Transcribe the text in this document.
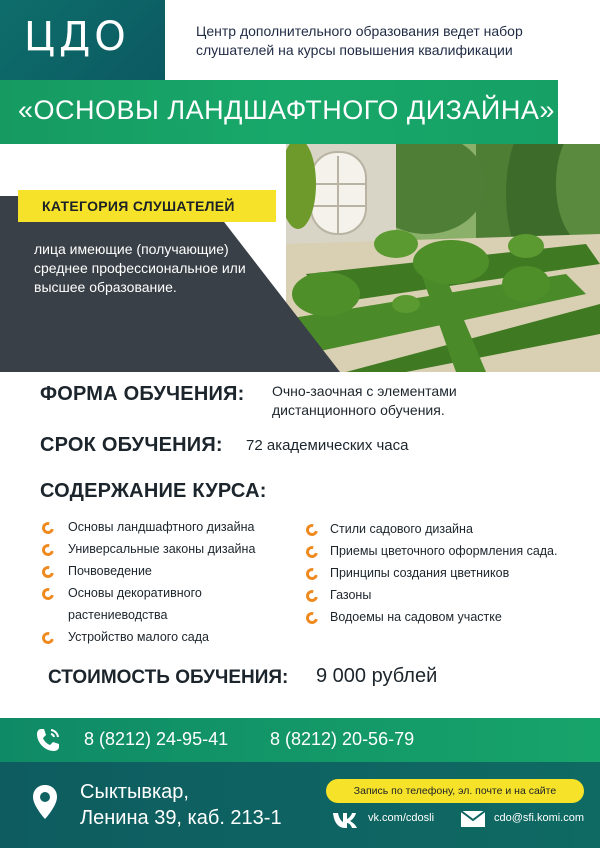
ЦДО	Центр дополнительного образования ведет набор слушателей на курсы повышения квалификации
«ОСНОВЫ ЛАНДШАФТНОГО ДИЗАЙНА»
КАТЕГОРИЯ СЛУШАТЕЛЕЙ
лица имеющие (получающие) среднее профессиональное или высшее образование.
ФОРМА ОБУЧЕНИЯ: Очно-заочная с элементами
дистанционного обучения.
СРОК ОБУЧЕНИЯ: 72 академических часа
СОДЕРЖАНИЕ КУРСА:
Основы ландшафтного дизайна
Универсальные законы дизайна
Почвоведение
Основы декоративного
растениеводства
Устройство малого сада
Стили садового дизайна
Приемы цветочного оформления сада.
Принципы создания цветников
Газоны
Водоемы на садовом участке
СТОИМОСТЬ ОБУЧЕНИЯ: 9 000 рублей
8 (8212) 24-95-41 8 (8212) 20-56-79
Сыктывкар,
Ленина 39, каб. 213-1
Запись по телефону, эл. почте и на сайте
vk.com/cdosli	cdo@sfi.komi.com
